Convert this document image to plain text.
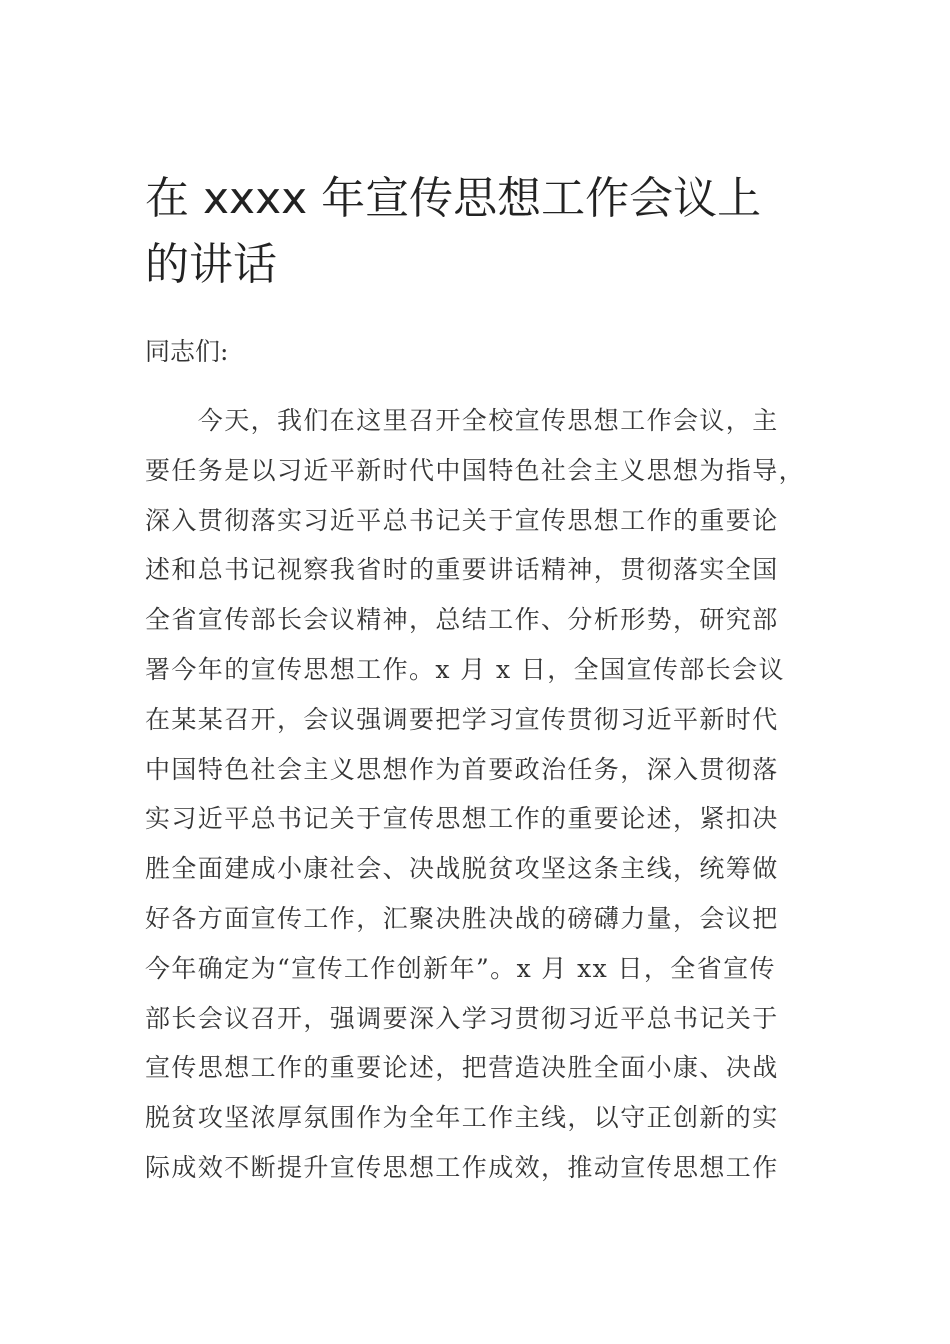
在 xxxx 年宣传思想工作会议上的讲话

同志们:

　　今天，我们在这里召开全校宣传思想工作会议，主
要任务是以习近平新时代中国特色社会主义思想为指导，
深入贯彻落实习近平总书记关于宣传思想工作的重要论
述和总书记视察我省时的重要讲话精神，贯彻落实全国
全省宣传部长会议精神，总结工作、分析形势，研究部
署今年的宣传思想工作。x 月 x 日，全国宣传部长会议
在某某召开，会议强调要把学习宣传贯彻习近平新时代
中国特色社会主义思想作为首要政治任务，深入贯彻落
实习近平总书记关于宣传思想工作的重要论述，紧扣决
胜全面建成小康社会、决战脱贫攻坚这条主线，统筹做
好各方面宣传工作，汇聚决胜决战的磅礴力量，会议把
今年确定为“宣传工作创新年”。x 月 xx 日，全省宣传
部长会议召开，强调要深入学习贯彻习近平总书记关于
宣传思想工作的重要论述，把营造决胜全面小康、决战
脱贫攻坚浓厚氛围作为全年工作主线，以守正创新的实
际成效不断提升宣传思想工作成效，推动宣传思想工作
